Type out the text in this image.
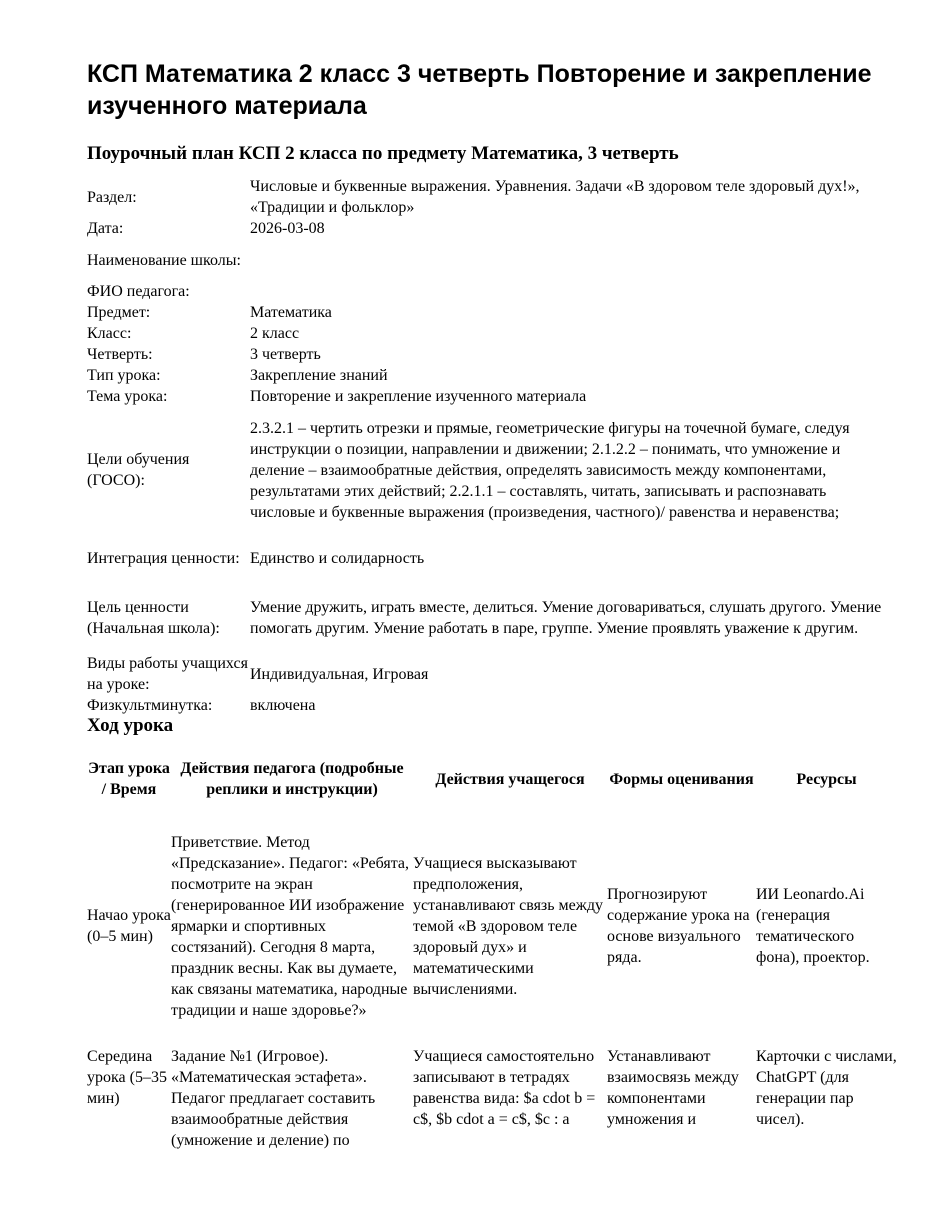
КСП Математика 2 класс 3 четверть Повторение и закрепление изученного материала
Поурочный план КСП 2 класса по предмету Математика, 3 четверть
Раздел:	Числовые и буквенные выражения. Уравнения. Задачи «В здоровом теле здоровый дух!», «Традиции и фольклор»
Дата:	2026-03-08
Наименование школы:	
ФИО педагога:	
Предмет:	Математика
Класс:	2 класс
Четверть:	3 четверть
Тип урока:	Закрепление знаний
Тема урока:	Повторение и закрепление изученного материала
Цели обучения (ГОСО):	2.3.2.1 – чертить отрезки и прямые, геометрические фигуры на точечной бумаге, следуя инструкции о позиции, направлении и движении; 2.1.2.2 – понимать, что умножение и деление – взаимообратные действия, определять зависимость между компонентами, результатами этих действий; 2.2.1.1 – составлять, читать, записывать и распознавать числовые и буквенные выражения (произведения, частного)/ равенства и неравенства;
Интеграция ценности:	Единство и солидарность
Цель ценности (Начальная школа):	Умение дружить, играть вместе, делиться. Умение договариваться, слушать другого. Умение помогать другим. Умение работать в паре, группе. Умение проявлять уважение к другим.
Виды работы учащихся на уроке:	Индивидуальная, Игровая
Физкультминутка:	включена
Ход урока
Этап урока / Время	Действия педагога (подробные реплики и инструкции)	Действия учащегося	Формы оценивания	Ресурсы
Начао урока (0–5 мин)	Приветствие. Метод «Предсказание». Педагог: «Ребята, посмотрите на экран (генерированное ИИ изображение ярмарки и спортивных состязаний). Сегодня 8 марта, праздник весны. Как вы думаете, как связаны математика, народные традиции и наше здоровье?»	Учащиеся высказывают предположения, устанавливают связь между темой «В здоровом теле здоровый дух» и математическими вычислениями.	Прогнозируют содержание урока на основе визуального ряда.	ИИ Leonardo.Ai (генерация тематического фона), проектор.
Середина урока (5–35 мин)	Задание №1 (Игровое). «Математическая эстафета». Педагог предлагает составить взаимообратные действия (умножение и деление) по	Учащиеся самостоятельно записывают в тетрадях равенства вида: $a cdot b = c$, $b cdot a = c$, $c : a	Устанавливают взаимосвязь между компонентами умножения и	Карточки с числами, ChatGPT (для генерации пар чисел).
